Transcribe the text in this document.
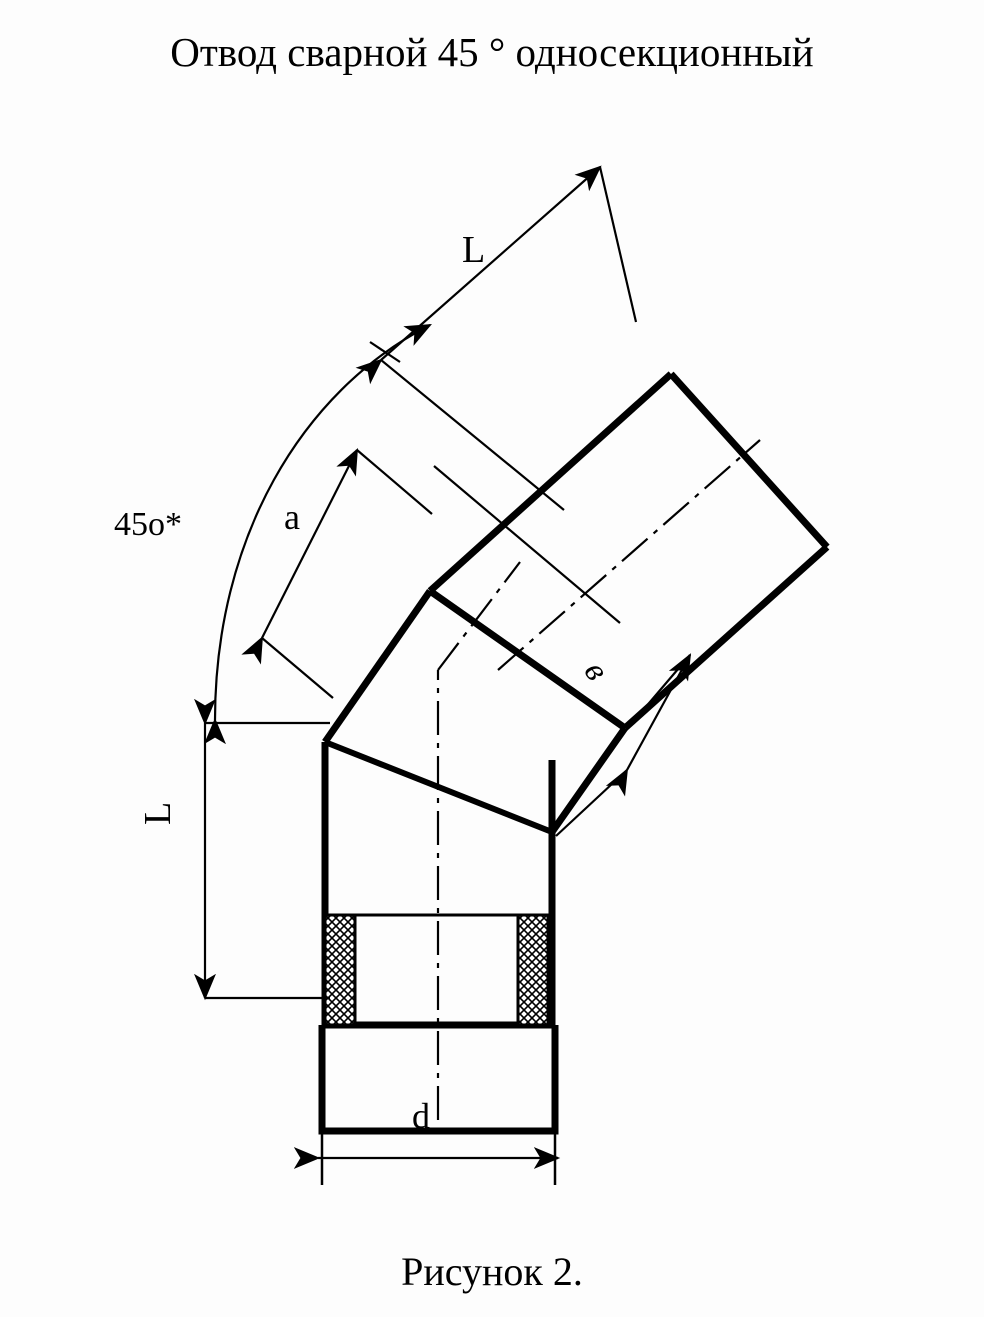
Отвод сварной 45 ° односекционный
L
a
45о*
L
в
d
Рисунок 2.
